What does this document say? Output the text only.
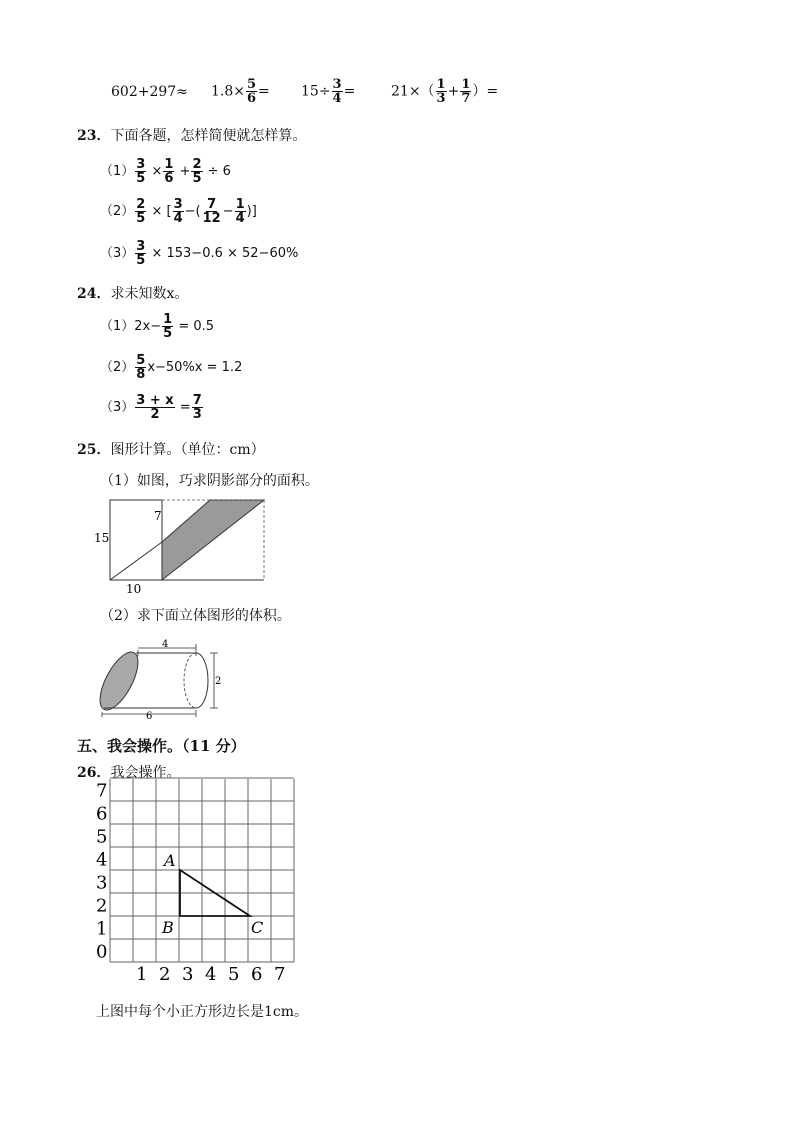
$602+297\approx 1.8\times \frac{5}{6} = 15\div \frac{3}{4}$ =	$21\times( \frac{1}{3} + \frac{1}{7}$ ）=
23．下面各题，怎样简便就怎样算。
$(1) \frac{3}{5} \times \frac{1}{6} + \frac{2}{5} \div 6$
$(2) \frac{2}{5}$ × [ $\frac{3}{4}$ −( $\frac{7}{12} - \frac{1}{4}$ )]
$(3) \frac{3}{5} \times 153-0.6 \times 52-60\%$
24．求未知数x。
$(1)2x- \frac{1}{5} = 0.5$
$(2) \frac{5}{8} x-50\%x = 1.2$
$(3) \frac{3 + x}{2} = \frac{7}{3}$
25．图形计算。（单位：cm）
（1）如图，巧求阴影部分的面积。
15
10
7
（2）求下面立体图形的体积。
4
2
6
五、我会操作。（11 分）
26．我会操作。
0
1
2
3
4
5
6
7
1 2 3 4 5 6 7
A
B	C
上图中每个小正方形边长是1cm。
